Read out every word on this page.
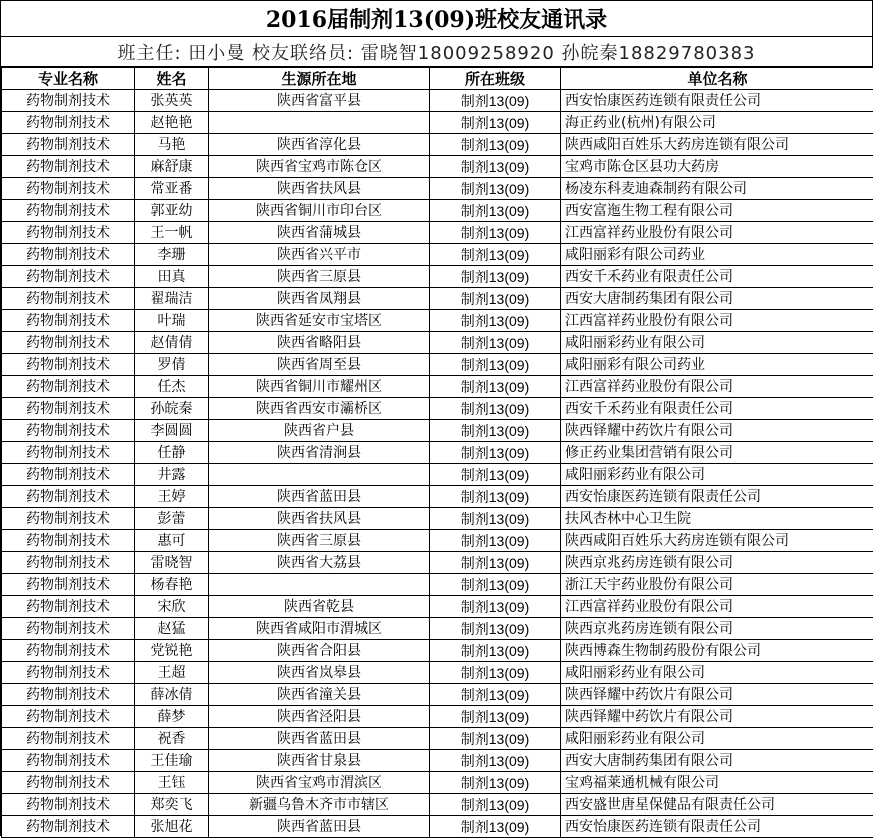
2016届制剂13(09)班校友通讯录
班主任: 田小曼 校友联络员: 雷晓智18009258920 孙皖秦18829780383
专业名称	姓名	生源所在地	所在班级	单位名称
药物制剂技术	张英英	陕西省富平县	制剂13(09)	西安怡康医药连锁有限责任公司
药物制剂技术	赵艳艳		制剂13(09)	海正药业(杭州)有限公司
药物制剂技术	马艳	陕西省淳化县	制剂13(09)	陕西咸阳百姓乐大药房连锁有限公司
药物制剂技术	麻舒康	陕西省宝鸡市陈仓区	制剂13(09)	宝鸡市陈仓区县功大药房
药物制剂技术	常亚番	陕西省扶风县	制剂13(09)	杨凌东科麦迪森制药有限公司
药物制剂技术	郭亚幼	陕西省铜川市印台区	制剂13(09)	西安富迤生物工程有限公司
药物制剂技术	王一帆	陕西省蒲城县	制剂13(09)	江西富祥药业股份有限公司
药物制剂技术	李珊	陕西省兴平市	制剂13(09)	咸阳丽彩有限公司药业
药物制剂技术	田真	陕西省三原县	制剂13(09)	西安千禾药业有限责任公司
药物制剂技术	翟瑞洁	陕西省凤翔县	制剂13(09)	西安大唐制药集团有限公司
药物制剂技术	叶瑞	陕西省延安市宝塔区	制剂13(09)	江西富祥药业股份有限公司
药物制剂技术	赵倩倩	陕西省略阳县	制剂13(09)	咸阳丽彩药业有限公司
药物制剂技术	罗倩	陕西省周至县	制剂13(09)	咸阳丽彩有限公司药业
药物制剂技术	任杰	陕西省铜川市耀州区	制剂13(09)	江西富祥药业股份有限公司
药物制剂技术	孙皖秦	陕西省西安市灞桥区	制剂13(09)	西安千禾药业有限责任公司
药物制剂技术	李圆圆	陕西省户县	制剂13(09)	陕西铎耀中药饮片有限公司
药物制剂技术	任静	陕西省清涧县	制剂13(09)	修正药业集团营销有限公司
药物制剂技术	井露		制剂13(09)	咸阳丽彩药业有限公司
药物制剂技术	王婷	陕西省蓝田县	制剂13(09)	西安怡康医药连锁有限责任公司
药物制剂技术	彭蕾	陕西省扶风县	制剂13(09)	扶风杏林中心卫生院
药物制剂技术	惠可	陕西省三原县	制剂13(09)	陕西咸阳百姓乐大药房连锁有限公司
药物制剂技术	雷晓智	陕西省大荔县	制剂13(09)	陕西京兆药房连锁有限公司
药物制剂技术	杨春艳		制剂13(09)	浙江天宇药业股份有限公司
药物制剂技术	宋欣	陕西省乾县	制剂13(09)	江西富祥药业股份有限公司
药物制剂技术	赵猛	陕西省咸阳市渭城区	制剂13(09)	陕西京兆药房连锁有限公司
药物制剂技术	党锐艳	陕西省合阳县	制剂13(09)	陕西博森生物制药股份有限公司
药物制剂技术	王超	陕西省岚皋县	制剂13(09)	咸阳丽彩药业有限公司
药物制剂技术	薛冰倩	陕西省潼关县	制剂13(09)	陕西铎耀中药饮片有限公司
药物制剂技术	薛梦	陕西省泾阳县	制剂13(09)	陕西铎耀中药饮片有限公司
药物制剂技术	祝香	陕西省蓝田县	制剂13(09)	咸阳丽彩药业有限公司
药物制剂技术	王佳瑜	陕西省甘泉县	制剂13(09)	西安大唐制药集团有限公司
药物制剂技术	王钰	陕西省宝鸡市渭滨区	制剂13(09)	宝鸡福莱通机械有限公司
药物制剂技术	郑奕飞	新疆乌鲁木齐市市辖区	制剂13(09)	西安盛世唐星保健品有限责任公司
药物制剂技术	张旭花	陕西省蓝田县	制剂13(09)	西安怡康医药连锁有限责任公司
